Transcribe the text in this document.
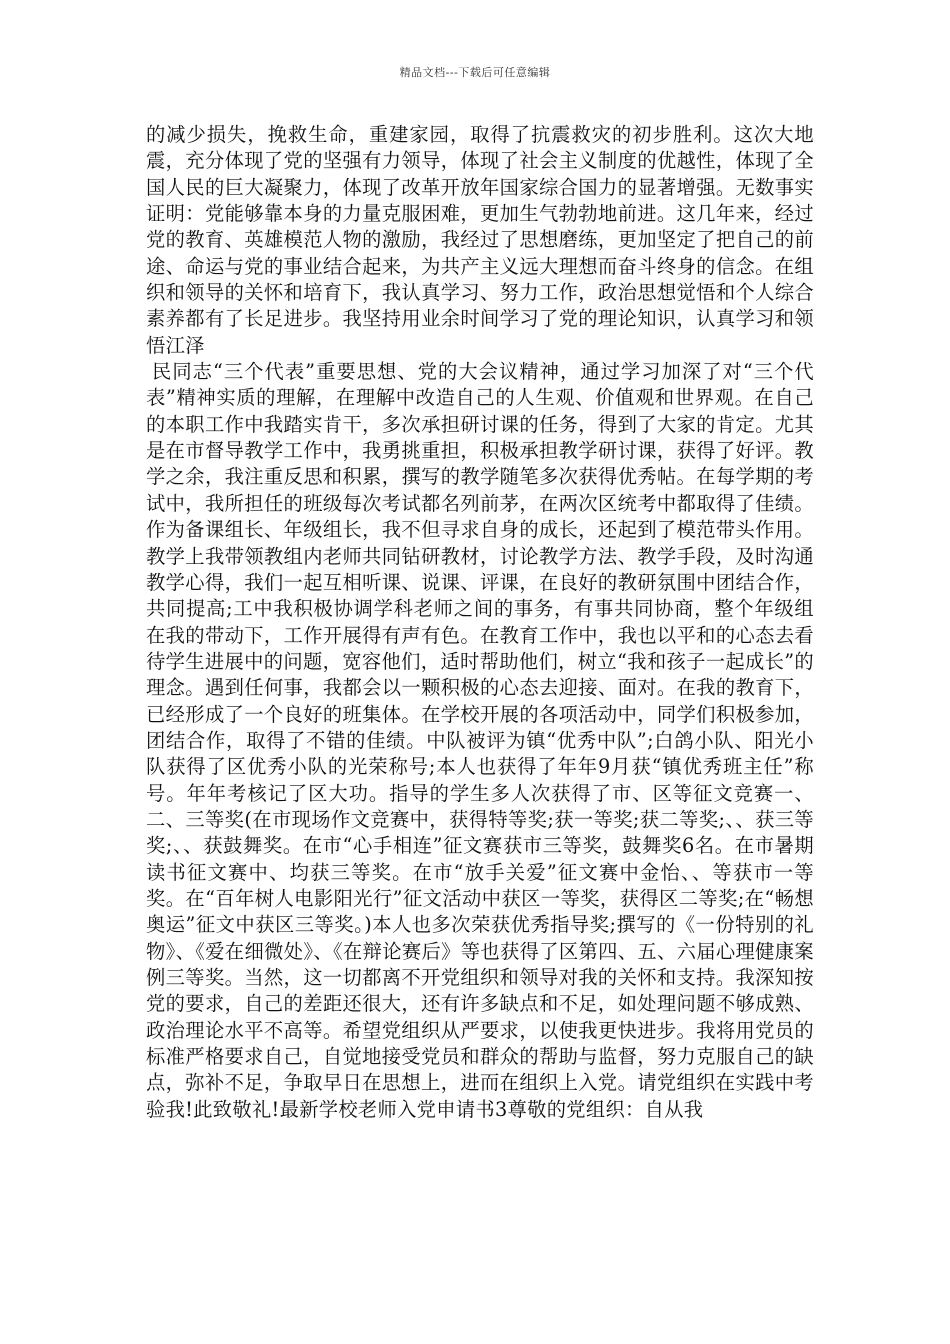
精品文档---下载后可任意编辑

的减少损失，挽救生命，重建家园，取得了抗震救灾的初步胜利。这次大地震，充分体现了党的坚强有力领导，体现了社会主义制度的优越性，体现了全国人民的巨大凝聚力，体现了改革开放年国家综合国力的显著增强。无数事实证明：党能够靠本身的力量克服困难，更加生气勃勃地前进。这几年来，经过党的教育、英雄模范人物的激励，我经过了思想磨练，更加坚定了把自己的前途、命运与党的事业结合起来，为共产主义远大理想而奋斗终身的信念。在组织和领导的关怀和培育下，我认真学习、努力工作，政治思想觉悟和个人综合素养都有了长足进步。我坚持用业余时间学习了党的理论知识，认真学习和领悟江泽

民同志“三个代表”重要思想、党的大会议精神，通过学习加深了对“三个代表”精神实质的理解，在理解中改造自己的人生观、价值观和世界观。在自己的本职工作中我踏实肯干，多次承担研讨课的任务，得到了大家的肯定。尤其是在市督导教学工作中，我勇挑重担，积极承担教学研讨课，获得了好评。教学之余，我注重反思和积累，撰写的教学随笔多次获得优秀帖。在每学期的考试中，我所担任的班级每次考试都名列前茅，在两次区统考中都取得了佳绩。作为备课组长、年级组长，我不但寻求自身的成长，还起到了模范带头作用。教学上我带领教组内老师共同钻研教材，讨论教学方法、教学手段，及时沟通教学心得，我们一起互相听课、说课、评课，在良好的教研氛围中团结合作，共同提高;工中我积极协调学科老师之间的事务，有事共同协商，整个年级组在我的带动下，工作开展得有声有色。在教育工作中，我也以平和的心态去看待学生进展中的问题，宽容他们，适时帮助他们，树立“我和孩子一起成长”的理念。遇到任何事，我都会以一颗积极的心态去迎接、面对。在我的教育下，已经形成了一个良好的班集体。在学校开展的各项活动中，同学们积极参加，团结合作，取得了不错的佳绩。中队被评为镇“优秀中队”;白鸽小队、阳光小队获得了区优秀小队的光荣称号;本人也获得了年年9月获“镇优秀班主任”称号。年年考核记了区大功。指导的学生多人次获得了市、区等征文竞赛一、二、三等奖(在市现场作文竞赛中，获得特等奖;获一等奖;获二等奖;、、获三等奖;、、获鼓舞奖。在市“心手相连”征文赛获市三等奖，鼓舞奖6名。在市暑期读书征文赛中、均获三等奖。在市“放手关爱”征文赛中金怡、、等获市一等奖。在“百年树人电影阳光行”征文活动中获区一等奖，获得区二等奖;在“畅想奥运”征文中获区三等奖。)本人也多次荣获优秀指导奖;撰写的《一份特别的礼物》、《爱在细微处》、《在辩论赛后》等也获得了区第四、五、六届心理健康案例三等奖。当然，这一切都离不开党组织和领导对我的关怀和支持。我深知按党的要求，自己的差距还很大，还有许多缺点和不足，如处理问题不够成熟、政治理论水平不高等。希望党组织从严要求，以使我更快进步。我将用党员的标准严格要求自己，自觉地接受党员和群众的帮助与监督，努力克服自己的缺点，弥补不足，争取早日在思想上，进而在组织上入党。请党组织在实践中考验我!此致敬礼!最新学校老师入党申请书3尊敬的党组织：自从我
